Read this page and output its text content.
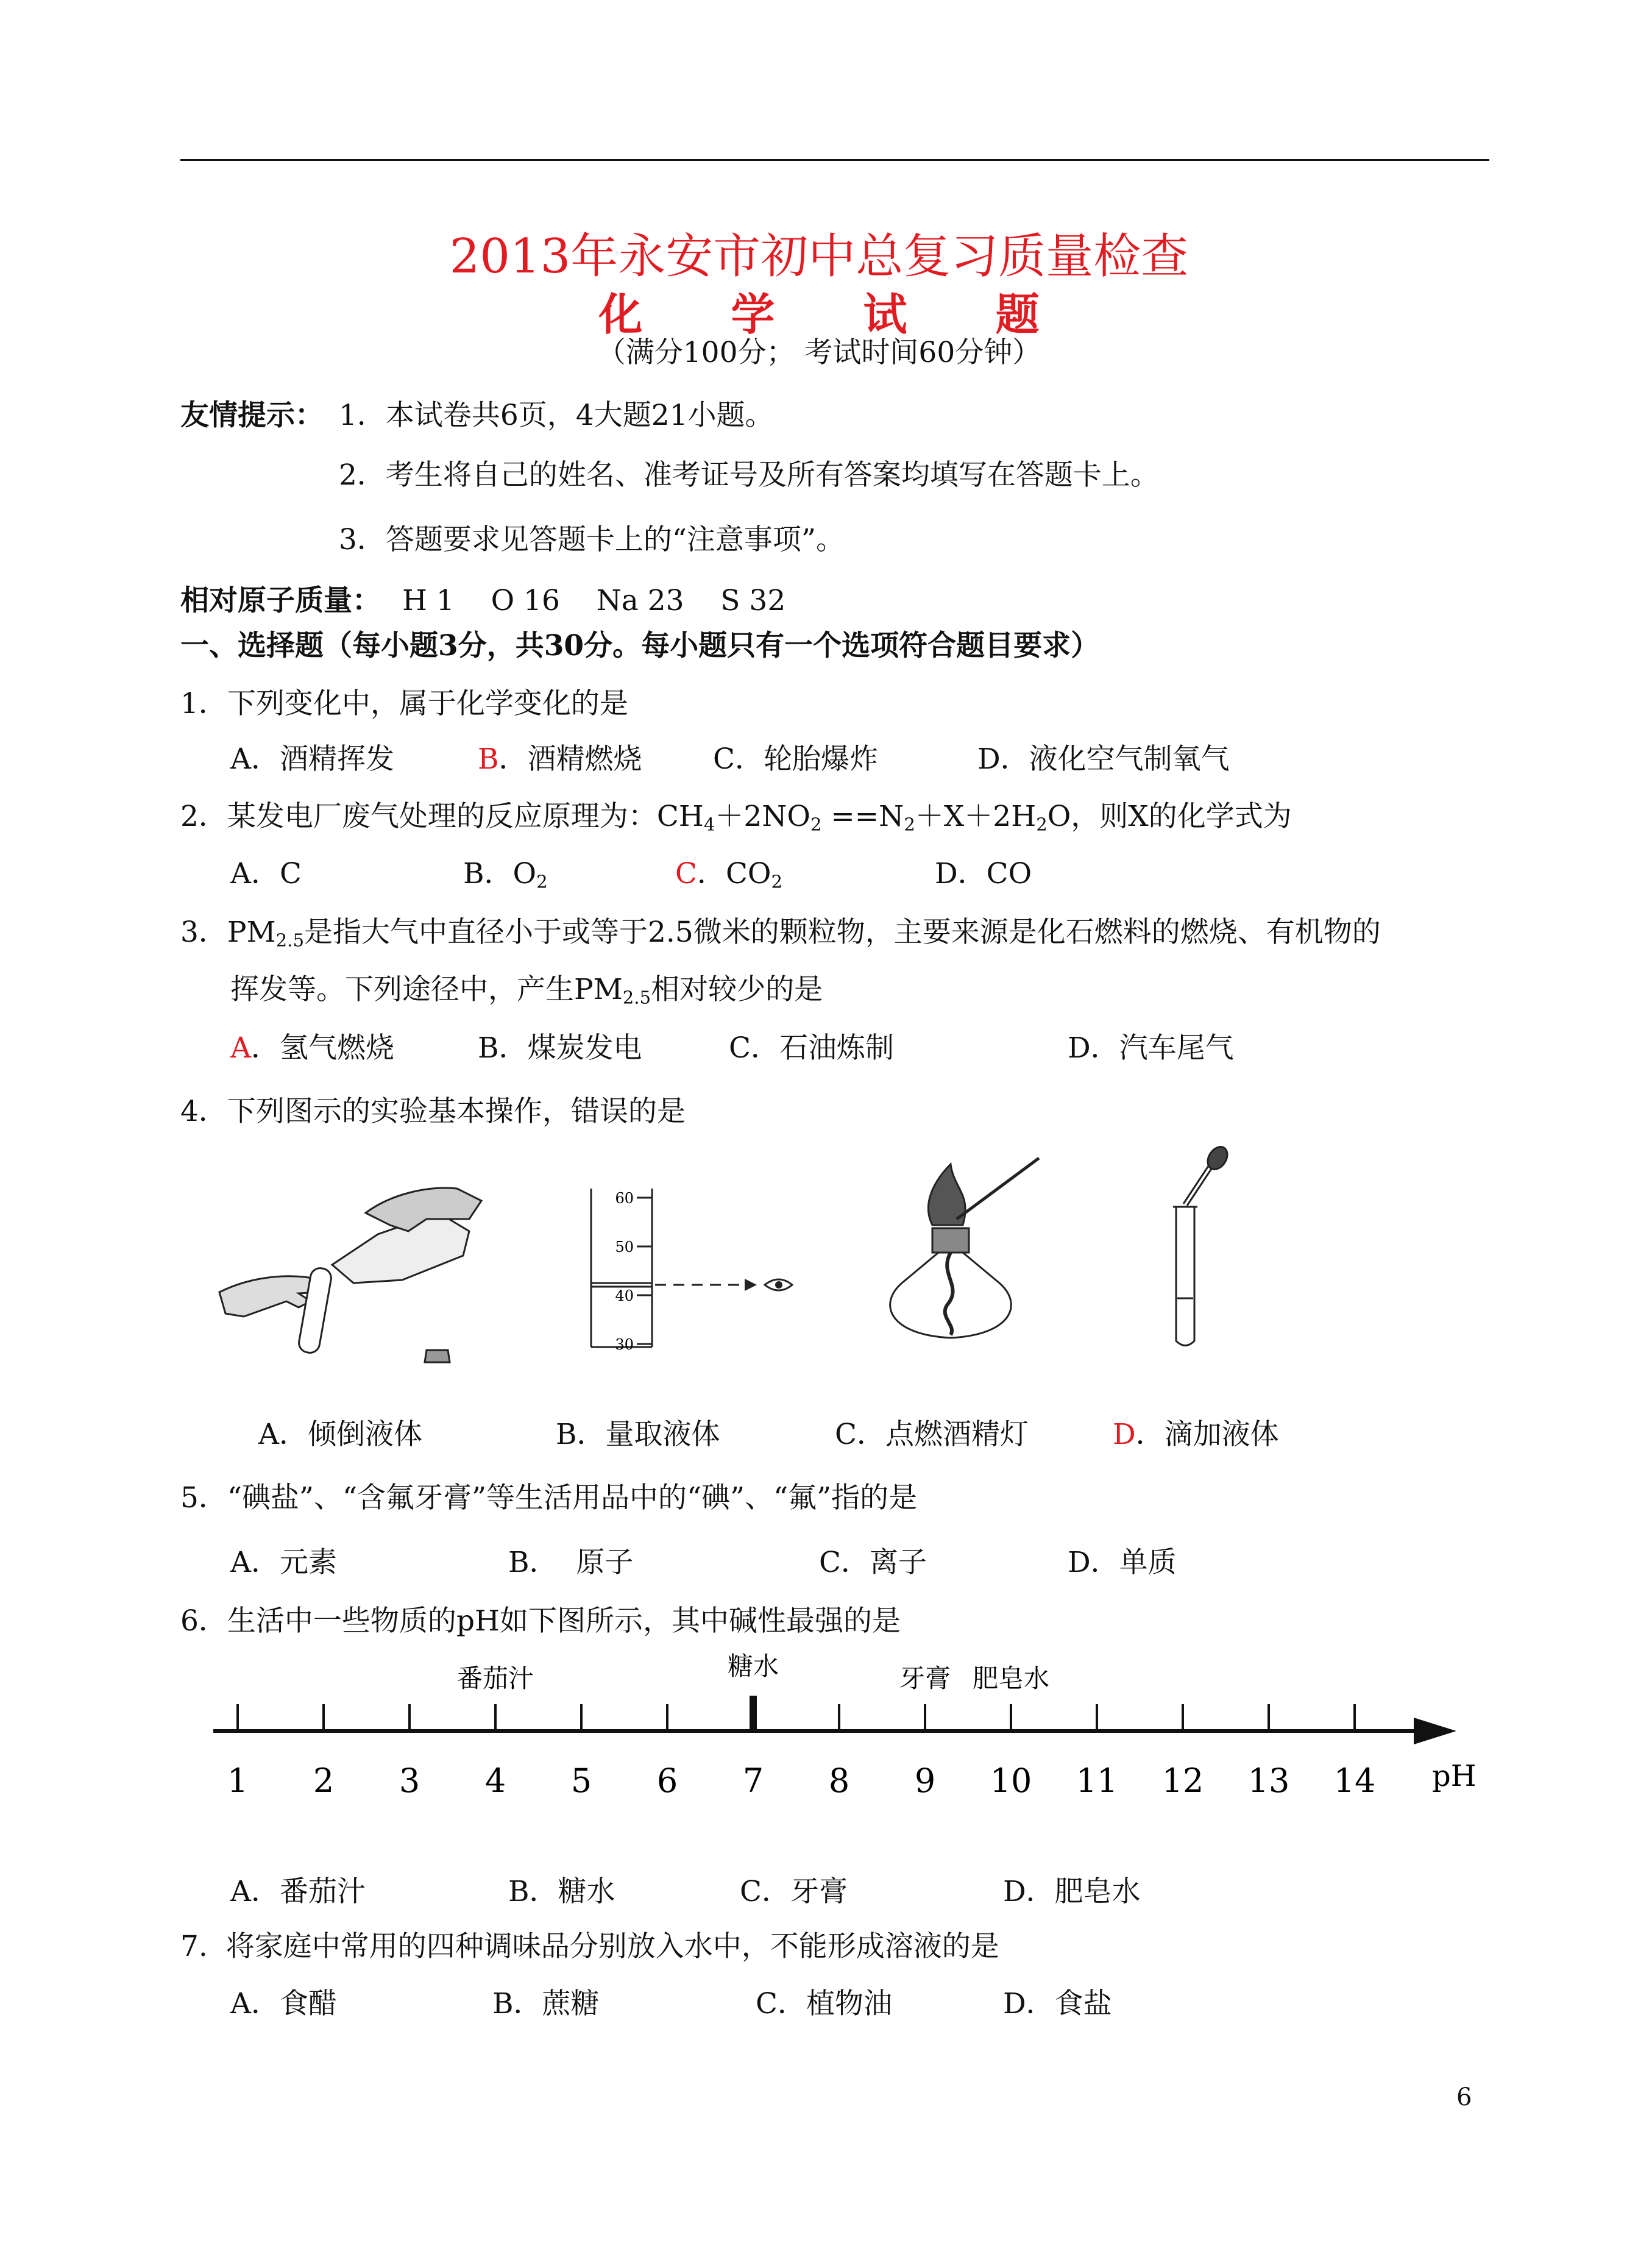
2013年永安市初中总复习质量检查
化 学 试 题
（满分100分； 考试时间60分钟）
友情提示： 1．本试卷共6页，4大题21小题。
2．考生将自己的姓名、准考证号及所有答案均填写在答题卡上。
3．答题要求见答题卡上的“注意事项”。
相对原子质量： H 1    O 16    Na 23    S 32
一、选择题（每小题3分，共30分。每小题只有一个选项符合题目要求）
1．下列变化中，属于化学变化的是
A．酒精挥发	B．酒精燃烧 C．轮胎爆炸	D．液化空气制氧气
2．某发电厂废气处理的反应原理为：$CH_4+2NO_2 ==N_2+X+2H_2O$，则X的化学式为
A．C	B．$O_2$	C．$CO_2$	D．CO
3．$PM_{2.5}$是指大气中直径小于或等于2.5微米的颗粒物，主要来源是化石燃料的燃烧、有机物的
挥发等。下列途径中，产生$PM_{2.5}$相对较少的是
A．氢气燃烧	B．煤炭发电	C．石油炼制	D．汽车尾气
4．下列图示的实验基本操作，错误的是
60
50
40
30
A．倾倒液体	B．量取液体	C．点燃酒精灯	D．滴加液体
5．“碘盐”、“含氟牙膏”等生活用品中的“碘”、“氟”指的是
A．元素	B．  原子	C．离子	D．单质
6．生活中一些物质的pH如下图所示，其中碱性最强的是
1 2 3 4 5 6 7 8 9 10 11 12 13 14 pH
番茄汁	糖水	牙膏 肥皂水
A．番茄汁	B．糖水	C．牙膏	D．肥皂水
7.  将家庭中常用的四种调味品分别放入水中，不能形成溶液的是
A．食醋	B．蔗糖	C．植物油	D．食盐
6
